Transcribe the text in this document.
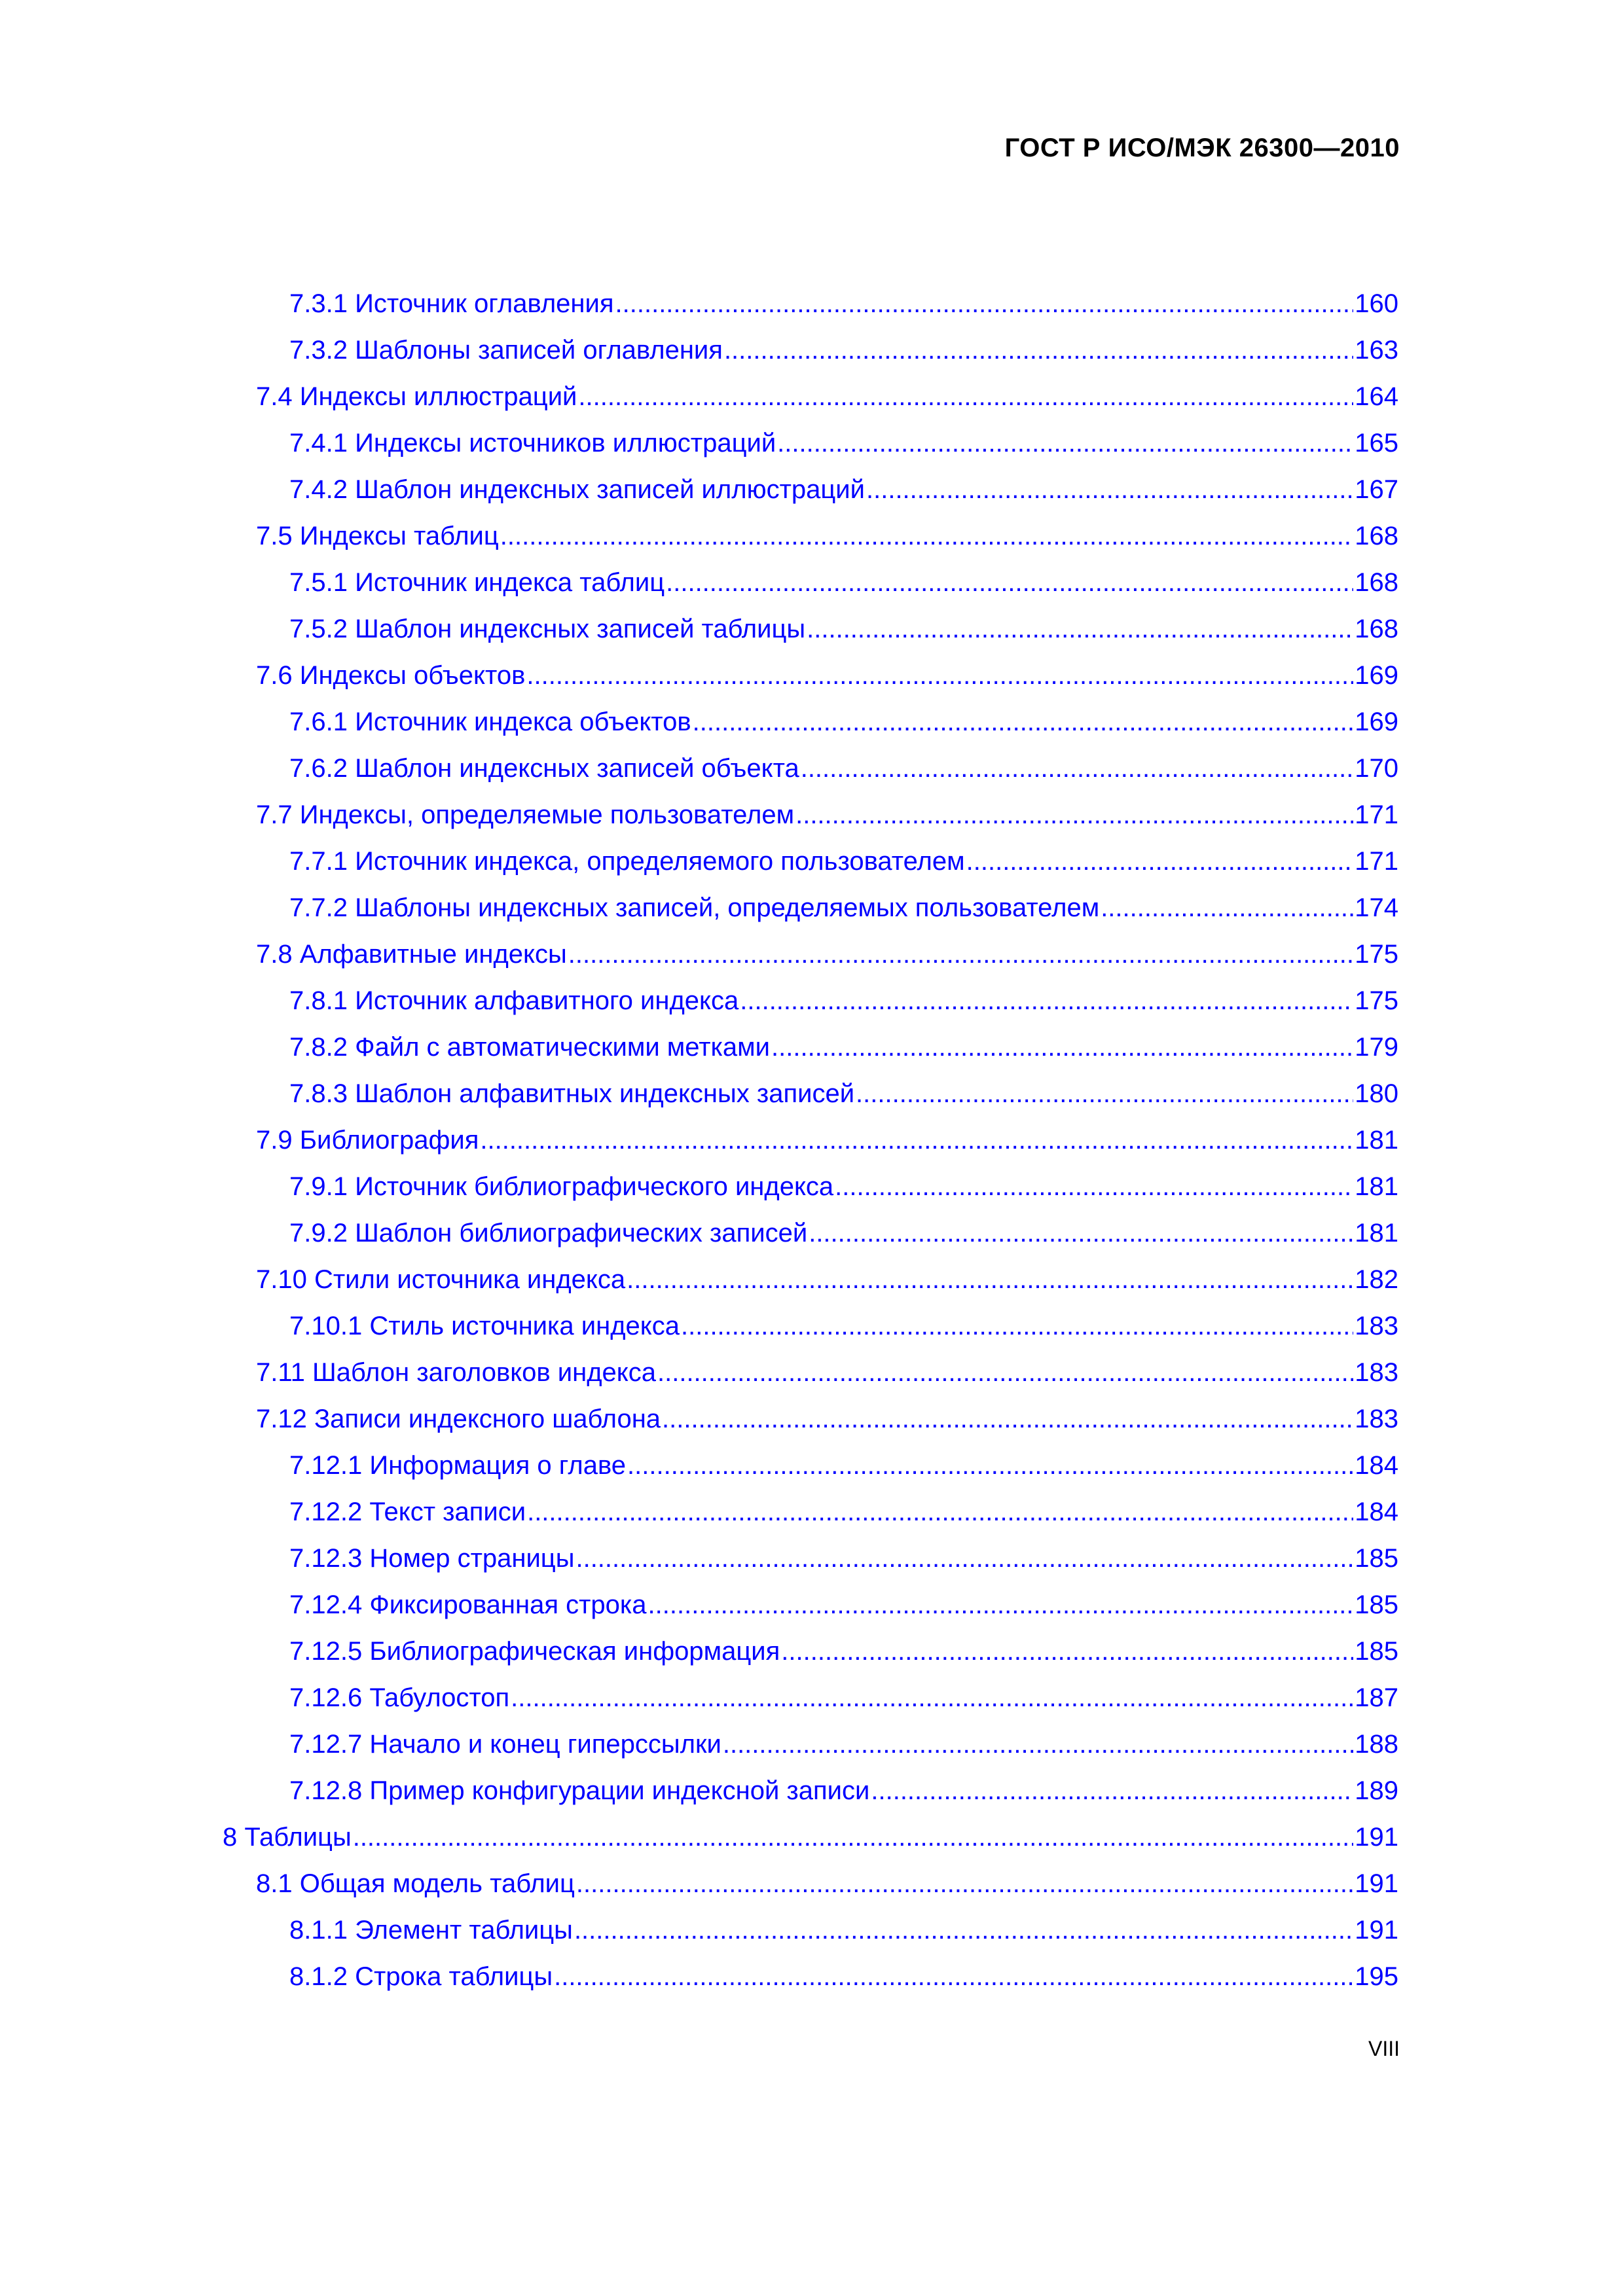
ГОСТ Р ИСО/МЭК 26300—2010
7.3.1 Источник оглавления .....	160
7.3.2 Шаблоны записей оглавления .....	163
7.4 Индексы иллюстраций .....	164
7.4.1 Индексы источников иллюстраций .....	165
7.4.2 Шаблон индексных записей иллюстраций .....	167
7.5 Индексы таблиц .....	168
7.5.1 Источник индекса таблиц .....	168
7.5.2 Шаблон индексных записей таблицы .....	168
7.6 Индексы объектов .....	169
7.6.1 Источник индекса объектов .....	169
7.6.2 Шаблон индексных записей объекта .....	170
7.7 Индексы, определяемые пользователем .....	171
7.7.1 Источник индекса, определяемого пользователем .....	171
7.7.2 Шаблоны индексных записей, определяемых пользователем .....	174
7.8 Алфавитные индексы .....	175
7.8.1 Источник алфавитного индекса .....	175
7.8.2 Файл с автоматическими метками .....	179
7.8.3 Шаблон алфавитных индексных записей .....	180
7.9 Библиография .....	181
7.9.1 Источник библиографического индекса .....	181
7.9.2 Шаблон библиографических записей .....	181
7.10 Стили источника индекса .....	182
7.10.1 Стиль источника индекса .....	183
7.11 Шаблон заголовков индекса .....	183
7.12 Записи индексного шаблона .....	183
7.12.1 Информация о главе .....	184
7.12.2 Текст записи .....	184
7.12.3 Номер страницы .....	185
7.12.4 Фиксированная строка .....	185
7.12.5 Библиографическая информация .....	185
7.12.6 Табулостоп .....	187
7.12.7 Начало и конец гиперссылки .....	188
7.12.8 Пример конфигурации индексной записи .....	189
8 Таблицы .....	191
8.1 Общая модель таблиц .....	191
8.1.1 Элемент таблицы .....	191
8.1.2 Строка таблицы .....	195
VIII
